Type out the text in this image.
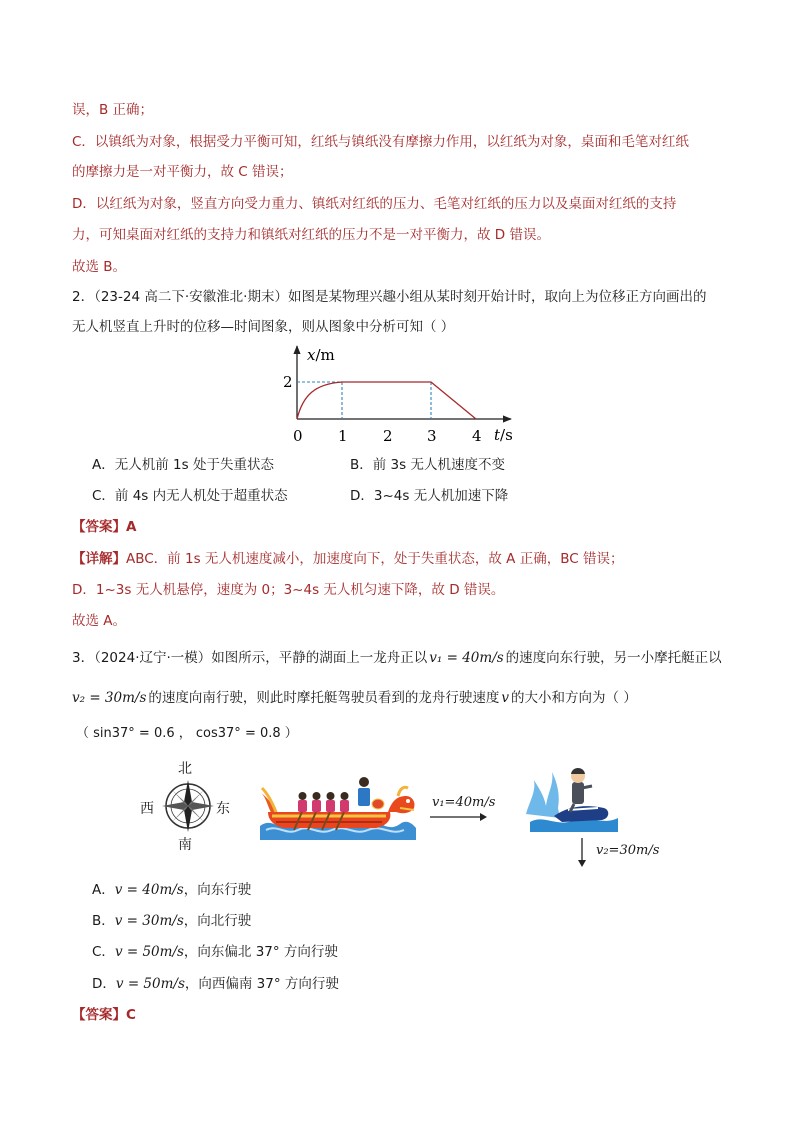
误，B 正确；
C．以镇纸为对象，根据受力平衡可知，红纸与镇纸没有摩擦力作用，以红纸为对象，桌面和毛笔对红纸
的摩擦力是一对平衡力，故 C 错误；
D．以红纸为对象，竖直方向受力重力、镇纸对红纸的压力、毛笔对红纸的压力以及桌面对红纸的支持
力，可知桌面对红纸的支持力和镇纸对红纸的压力不是一对平衡力，故 D 错误。
故选 B。
2．（23-24 高二下·安徽淮北·期末）如图是某物理兴趣小组从某时刻开始计时，取向上为位移正方向画出的
无人机竖直上升时的位移—时间图象，则从图象中分析可知（ ）
x/m
t/s
2
0 1 2 3 4
A．无人机前 1s 处于失重状态	B．前 3s 无人机速度不变
C．前 4s 内无人机处于超重状态	D．3~4s 无人机加速下降
【答案】A
【详解】ABC．前 1s 无人机速度减小，加速度向下，处于失重状态，故 A 正确，BC 错误；
D．1~3s 无人机悬停，速度为 0；3~4s 无人机匀速下降，故 D 错误。
故选 A。
3．（2024·辽宁·一模）如图所示，平静的湖面上一龙舟正以 v₁ = 40m/s 的速度向东行驶，另一小摩托艇正以
v₂ = 30m/s 的速度向南行驶，则此时摩托艇驾驶员看到的龙舟行驶速度 v 的大小和方向为（ ）
（ sin37° = 0.6 ， cos37° = 0.8 ）
北
南
西	东	v₁=40m/s
v₂=30m/s
A．v = 40m/s，向东行驶
B．v = 30m/s，向北行驶
C．v = 50m/s，向东偏北 37° 方向行驶
D．v = 50m/s，向西偏南 37° 方向行驶
【答案】C
